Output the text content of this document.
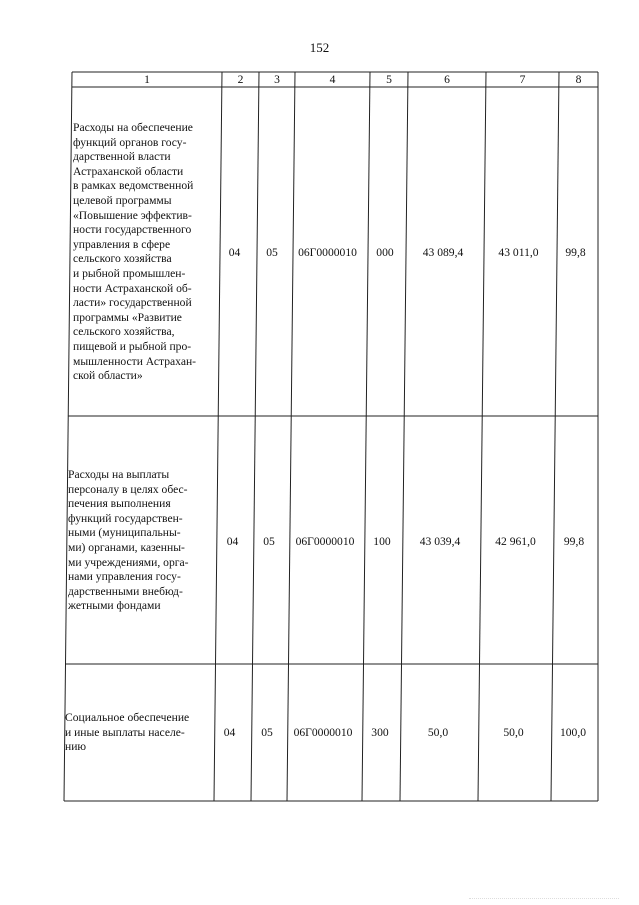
152
1	2	3	4	5	6	7	8
Расходы на обеспечение
функций органов госу-
дарственной власти
Астраханской области
в рамках ведомственной
целевой программы
«Повышение эффектив-
ности государственного
управления в сфере
сельского хозяйства
и рыбной промышлен-
ности Астраханской об-
ласти» государственной
программы «Развитие
сельского хозяйства,
пищевой и рыбной про-
мышленности Астрахан-
ской области»
04	05	06Г0000010	000	43 089,4	43 011,0	99,8
Расходы на выплаты
персоналу в целях обес-
печения выполнения
функций государствен-
ными (муниципальны-
ми) органами, казенны-
ми учреждениями, орга-
нами управления госу-
дарственными внебюд-
жетными фондами
04	05	06Г0000010	100	43 039,4	42 961,0	99,8
Социальное обеспечение
и иные выплаты населе-
нию
04	05	06Г0000010	300	50,0	50,0	100,0
